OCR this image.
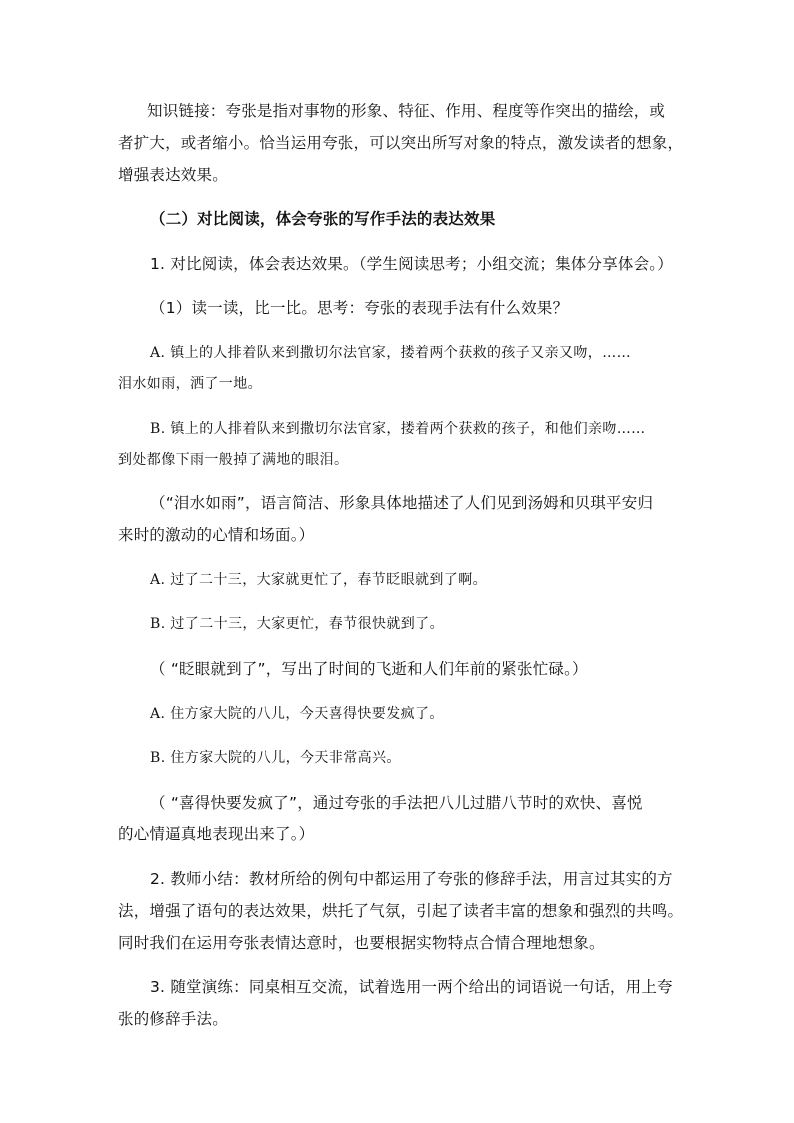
知识链接：夸张是指对事物的形象、特征、作用、程度等作突出的描绘，或
者扩大，或者缩小。恰当运用夸张，可以突出所写对象的特点，激发读者的想象，
增强表达效果。
（二）对比阅读，体会夸张的写作手法的表达效果
1. 对比阅读，体会表达效果。（学生阅读思考；小组交流；集体分享体会。）
（1）读一读，比一比。思考：夸张的表现手法有什么效果？
A. 镇上的人排着队来到撒切尔法官家，搂着两个获救的孩子又亲又吻，……
泪水如雨，洒了一地。
B. 镇上的人排着队来到撒切尔法官家，搂着两个获救的孩子，和他们亲吻……
到处都像下雨一般掉了满地的眼泪。
（“泪水如雨”，语言简洁、形象具体地描述了人们见到汤姆和贝琪平安归
来时的激动的心情和场面。）
A. 过了二十三，大家就更忙了，春节眨眼就到了啊。
B. 过了二十三，大家更忙，春节很快就到了。
（ “眨眼就到了”，写出了时间的飞逝和人们年前的紧张忙碌。）
A. 住方家大院的八儿，今天喜得快要发疯了。
B. 住方家大院的八儿，今天非常高兴。
（ “喜得快要发疯了”，通过夸张的手法把八儿过腊八节时的欢快、喜悦
的心情逼真地表现出来了。）
2. 教师小结：教材所给的例句中都运用了夸张的修辞手法，用言过其实的方
法，增强了语句的表达效果，烘托了气氛，引起了读者丰富的想象和强烈的共鸣。
同时我们在运用夸张表情达意时，也要根据实物特点合情合理地想象。
3. 随堂演练：同桌相互交流，试着选用一两个给出的词语说一句话，用上夸
张的修辞手法。
